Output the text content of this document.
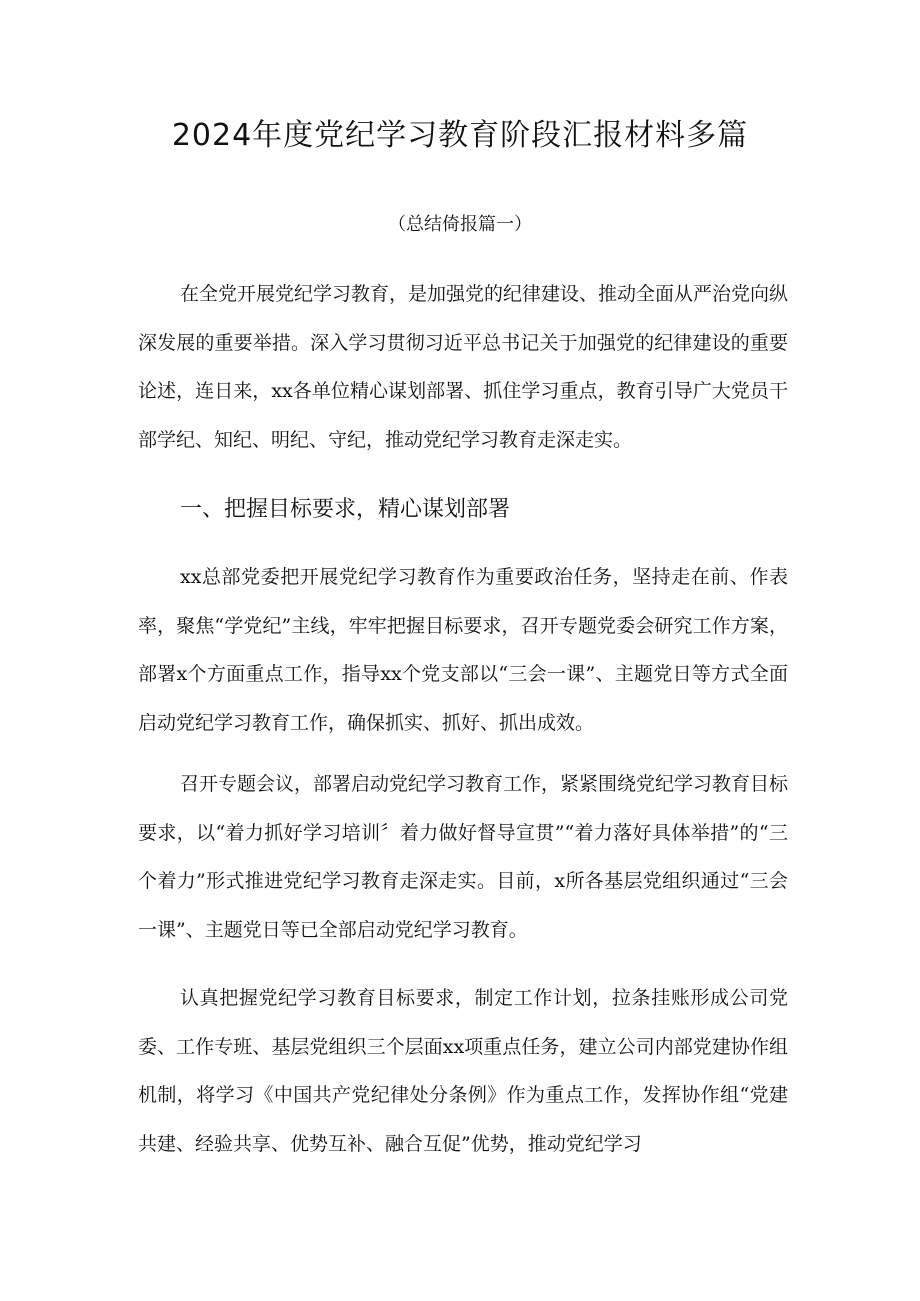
2024年度党纪学习教育阶段汇报材料多篇

（总结倚报篇一）

在全党开展党纪学习教育，是加强党的纪律建设、推动全面从严治党向纵深发展的重要举措。深入学习贯彻习近平总书记关于加强党的纪律建设的重要论述，连日来，xx各单位精心谋划部署、抓住学习重点，教育引导广大党员干部学纪、知纪、明纪、守纪，推动党纪学习教育走深走实。

一、把握目标要求，精心谋划部署

xx总部党委把开展党纪学习教育作为重要政治任务，坚持走在前、作表率，聚焦“学党纪”主线，牢牢把握目标要求，召开专题党委会研究工作方案，部署x个方面重点工作，指导xx个党支部以“三会一课”、主题党日等方式全面启动党纪学习教育工作，确保抓实、抓好、抓出成效。

召开专题会议，部署启动党纪学习教育工作，紧紧围绕党纪学习教育目标要求，以“着力抓好学习培训〞着力做好督导宣贯”“着力落好具体举措”的“三个着力”形式推进党纪学习教育走深走实。目前，x所各基层党组织通过“三会一课”、主题党日等已全部启动党纪学习教育。

认真把握党纪学习教育目标要求，制定工作计划，拉条挂账形成公司党委、工作专班、基层党组织三个层面xx项重点任务，建立公司内部党建协作组机制，将学习《中国共产党纪律处分条例》作为重点工作，发挥协作组“党建共建、经验共享、优势互补、融合互促”优势，推动党纪学习
